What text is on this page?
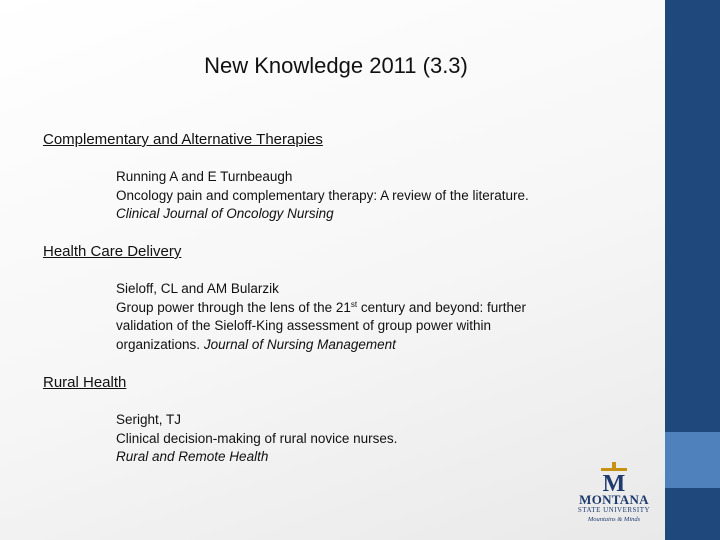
New Knowledge 2011 (3.3)
Complementary and Alternative Therapies
Running A and E Turnbeaugh
Oncology pain and complementary therapy: A review of the literature.
Clinical Journal of Oncology Nursing
Health Care Delivery
Sieloff, CL and AM Bularzik
Group power through the lens of the 21st century and beyond: further
validation of the Sieloff-King assessment of group power within
organizations. Journal of Nursing Management
Rural Health
Seright, TJ
Clinical decision-making of rural novice nurses.
Rural and Remote Health
M
MONTANA
STATE UNIVERSITY
Mountains & Minds
